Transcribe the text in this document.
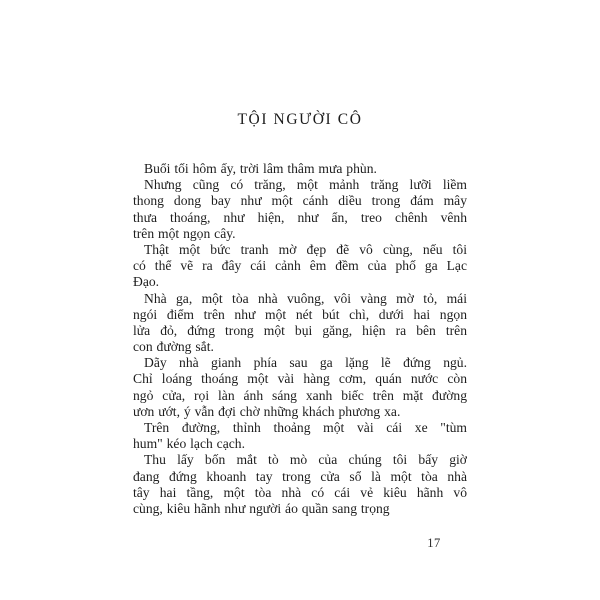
TỘI NGƯỜI CÔ
Buổi tối hôm ấy, trời lâm thâm mưa phùn.
Nhưng cũng có trăng, một mảnh trăng lưỡi liềm
thong dong bay như một cánh diều trong đám mây
thưa thoáng, như hiện, như ẩn, treo chênh vênh
trên một ngọn cây.
Thật một bức tranh mờ đẹp đẽ vô cùng, nếu tôi
có thể vẽ ra đây cái cảnh êm đềm của phố ga Lạc
Đạo.
Nhà ga, một tòa nhà vuông, vôi vàng mờ tỏ, mái
ngói điểm trên như một nét bút chì, dưới hai ngọn
lửa đỏ, đứng trong một bụi găng, hiện ra bên trên
con đường sắt.
Dãy nhà gianh phía sau ga lặng lẽ đứng ngủ.
Chỉ loáng thoáng một vài hàng cơm, quán nước còn
ngỏ cửa, rọi làn ánh sáng xanh biếc trên mặt đường
ươn ướt, ý vẫn đợi chờ những khách phương xa.
Trên đường, thỉnh thoảng một vài cái xe "tùm
hum" kéo lạch cạch.
Thu lấy bốn mắt tò mò của chúng tôi bấy giờ
đang đứng khoanh tay trong cửa sổ là một tòa nhà
tây hai tầng, một tòa nhà có cái vẻ kiêu hãnh vô
cùng, kiêu hãnh như người áo quần sang trọng
17
